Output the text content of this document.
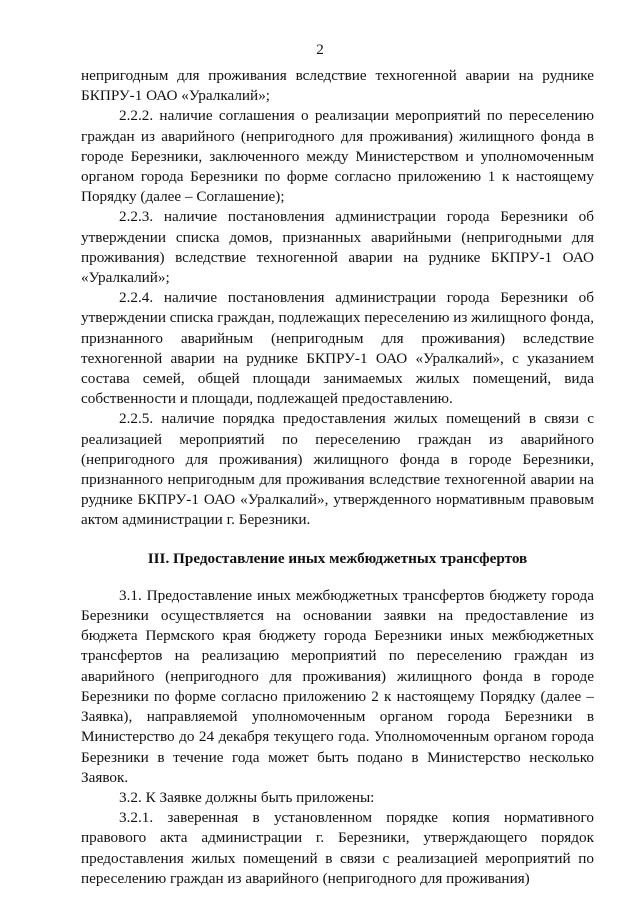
2

непригодным для проживания вследствие техногенной аварии на руднике БКПРУ-1 ОАО «Уралкалий»;

2.2.2. наличие соглашения о реализации мероприятий по переселению граждан из аварийного (непригодного для проживания) жилищного фонда в городе Березники, заключенного между Министерством и уполномоченным органом города Березники по форме согласно приложению 1 к настоящему Порядку (далее – Соглашение);

2.2.3. наличие постановления администрации города Березники об утверждении списка домов, признанных аварийными (непригодными для проживания) вследствие техногенной аварии на руднике БКПРУ-1 ОАО «Уралкалий»;

2.2.4. наличие постановления администрации города Березники об утверждении списка граждан, подлежащих переселению из жилищного фонда, признанного аварийным (непригодным для проживания) вследствие техногенной аварии на руднике БКПРУ-1 ОАО «Уралкалий», с указанием состава семей, общей площади занимаемых жилых помещений, вида собственности и площади, подлежащей предоставлению.

2.2.5. наличие порядка предоставления жилых помещений в связи с реализацией мероприятий по переселению граждан из аварийного (непригодного для проживания) жилищного фонда в городе Березники, признанного непригодным для проживания вследствие техногенной аварии на руднике БКПРУ-1 ОАО «Уралкалий», утвержденного нормативным правовым актом администрации г. Березники.

III. Предоставление иных межбюджетных трансфертов

3.1. Предоставление иных межбюджетных трансфертов бюджету города Березники осуществляется на основании заявки на предоставление из бюджета Пермского края бюджету города Березники иных межбюджетных трансфертов на реализацию мероприятий по переселению граждан из аварийного (непригодного для проживания) жилищного фонда в городе Березники по форме согласно приложению 2 к настоящему Порядку (далее – Заявка), направляемой уполномоченным органом города Березники в Министерство до 24 декабря текущего года. Уполномоченным органом города Березники в течение года может быть подано в Министерство несколько Заявок.

3.2. К Заявке должны быть приложены:

3.2.1. заверенная в установленном порядке копия нормативного правового акта администрации г. Березники, утверждающего порядок предоставления жилых помещений в связи с реализацией мероприятий по переселению граждан из аварийного (непригодного для проживания)
